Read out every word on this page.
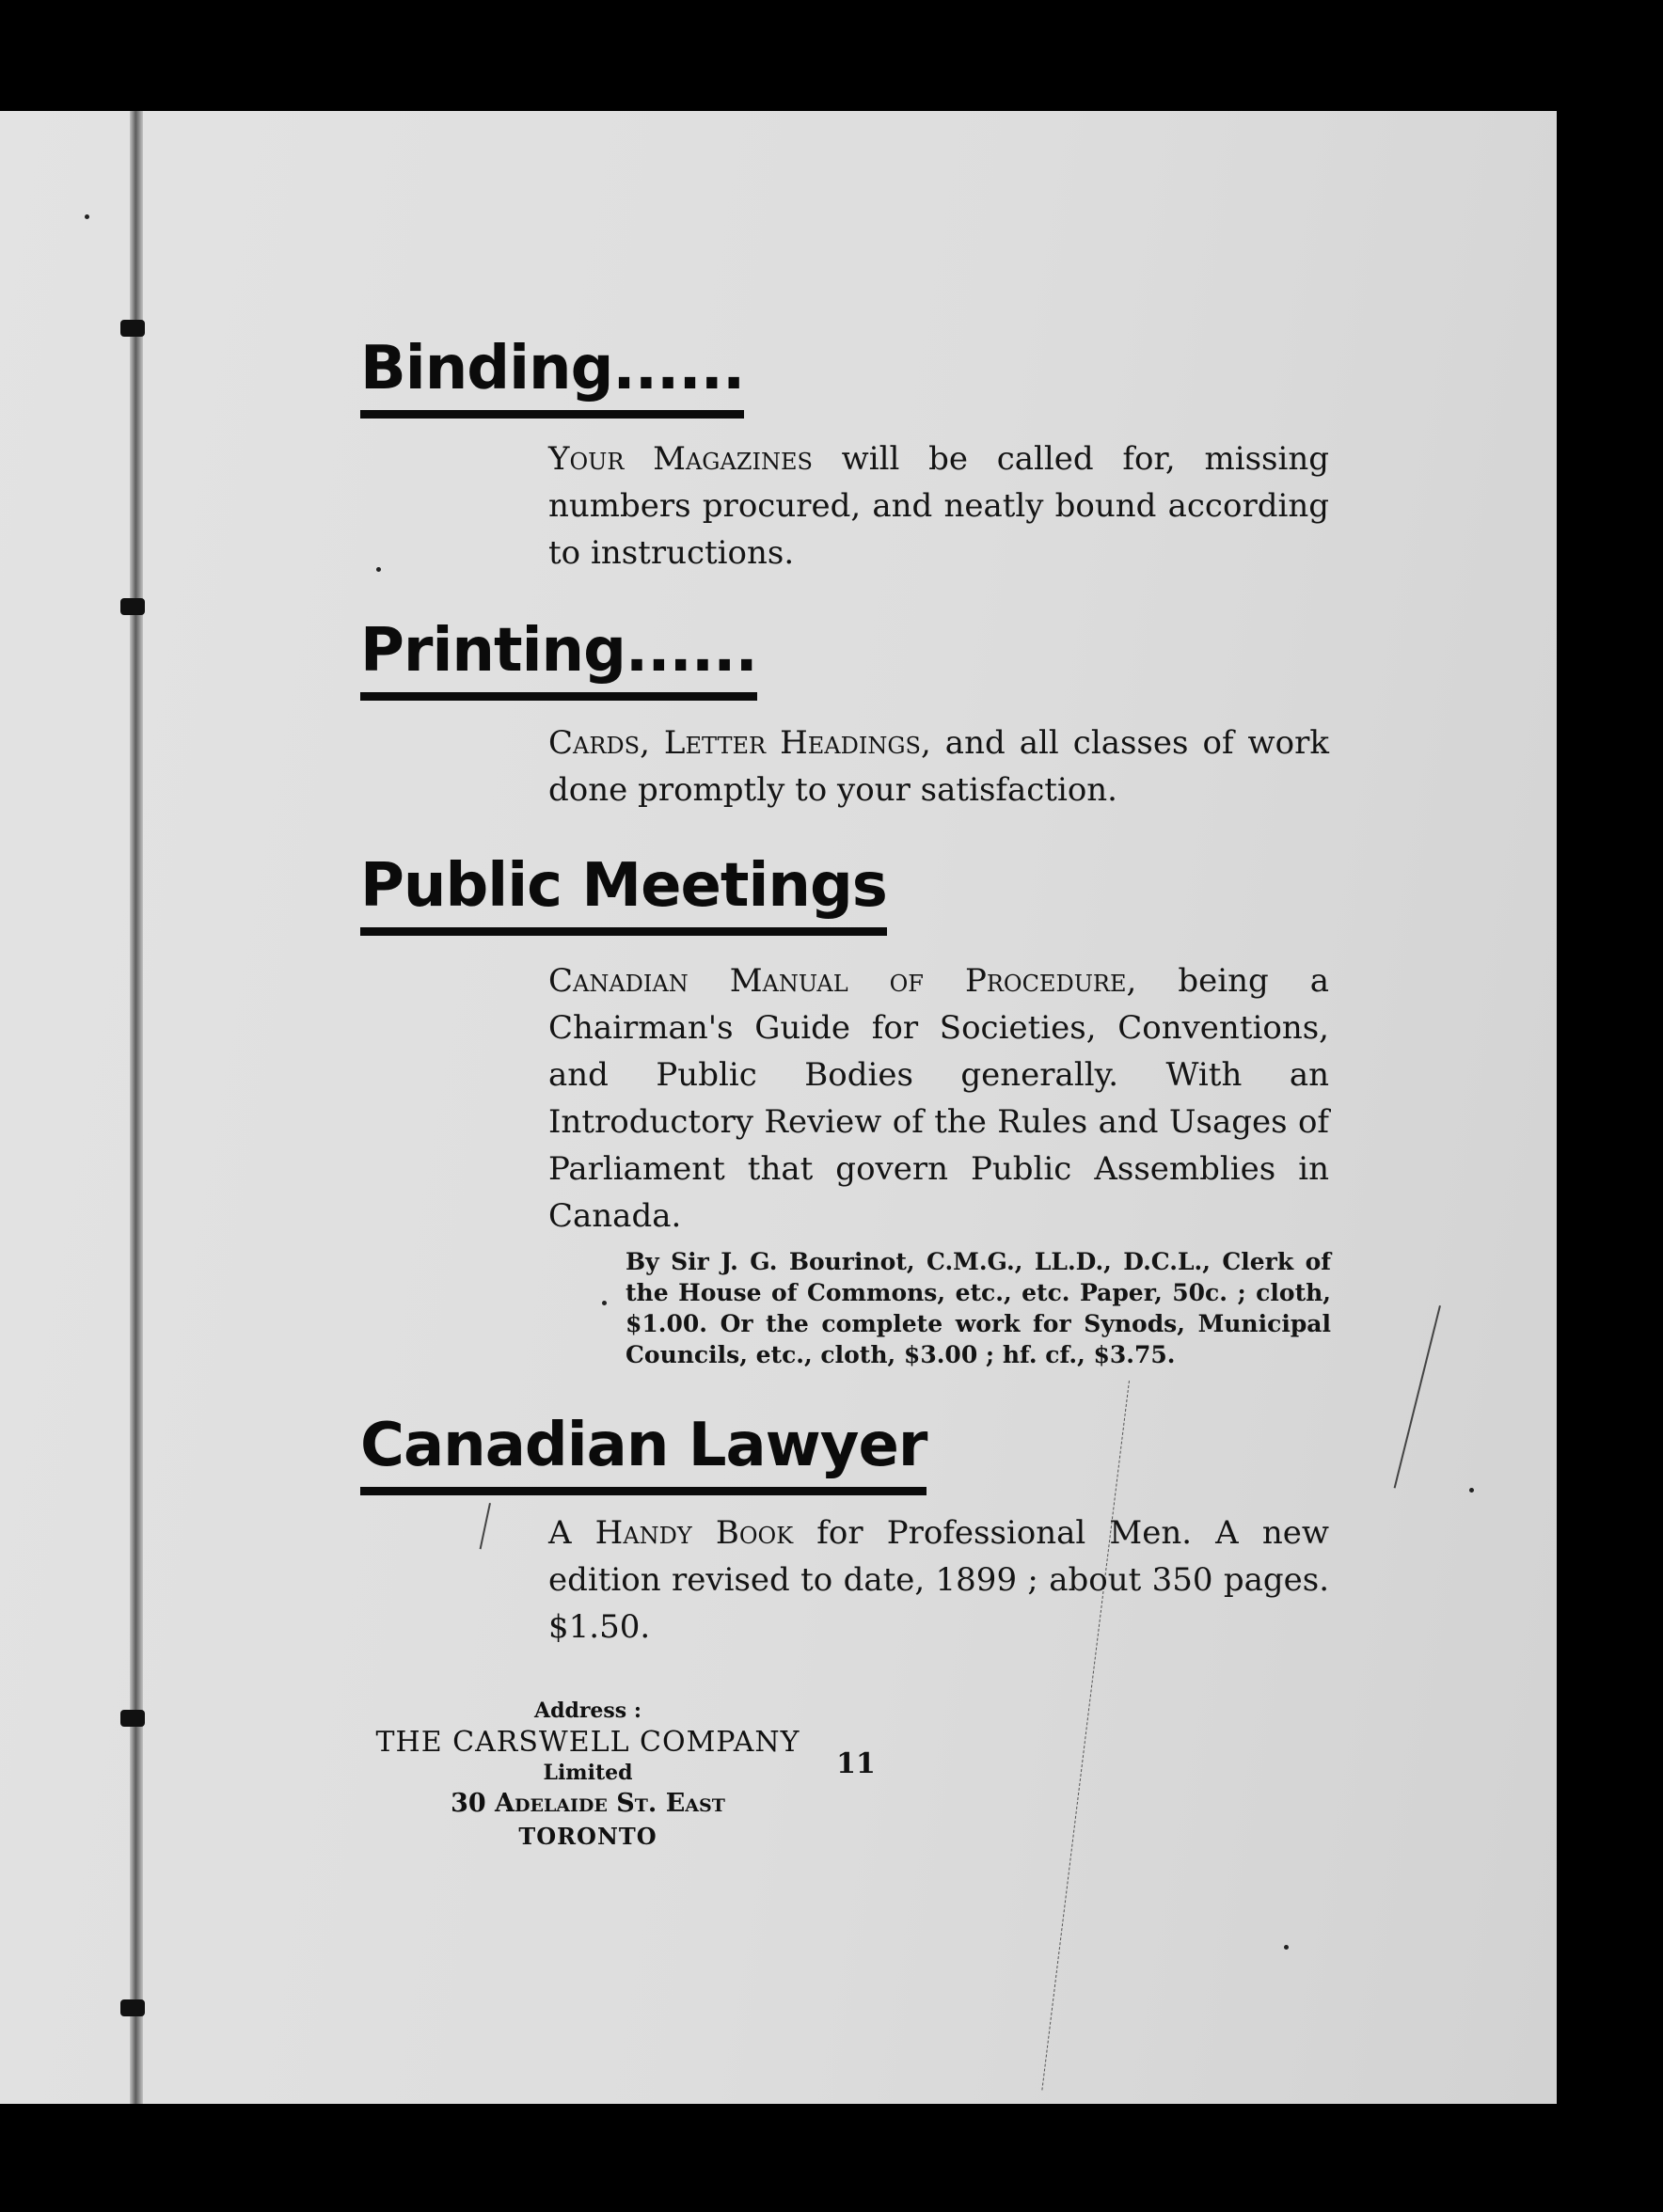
Binding......

Your Magazines will be called for, missing numbers procured, and neatly bound according to instructions.

Printing......

Cards, Letter Headings, and all classes of work done promptly to your satisfaction.

Public Meetings

Canadian Manual of Procedure, being a Chairman's Guide for Societies, Conventions, and Public Bodies generally. With an Introductory Review of the Rules and Usages of Parliament that govern Public Assemblies in Canada.

By Sir J. G. Bourinot, C.M.G., LL.D., D.C.L., Clerk of the House of Commons, etc., etc. Paper, 50c. ; cloth, $1.00. Or the complete work for Synods, Municipal Councils, etc., cloth, $3.00 ; hf. cf., $3.75.

Canadian Lawyer

A Handy Book for Professional Men. A new edition revised to date, 1899 ; about 350 pages. $1.50.

Address :
THE CARSWELL COMPANY
Limited
30 Adelaide St. East
TORONTO
11
